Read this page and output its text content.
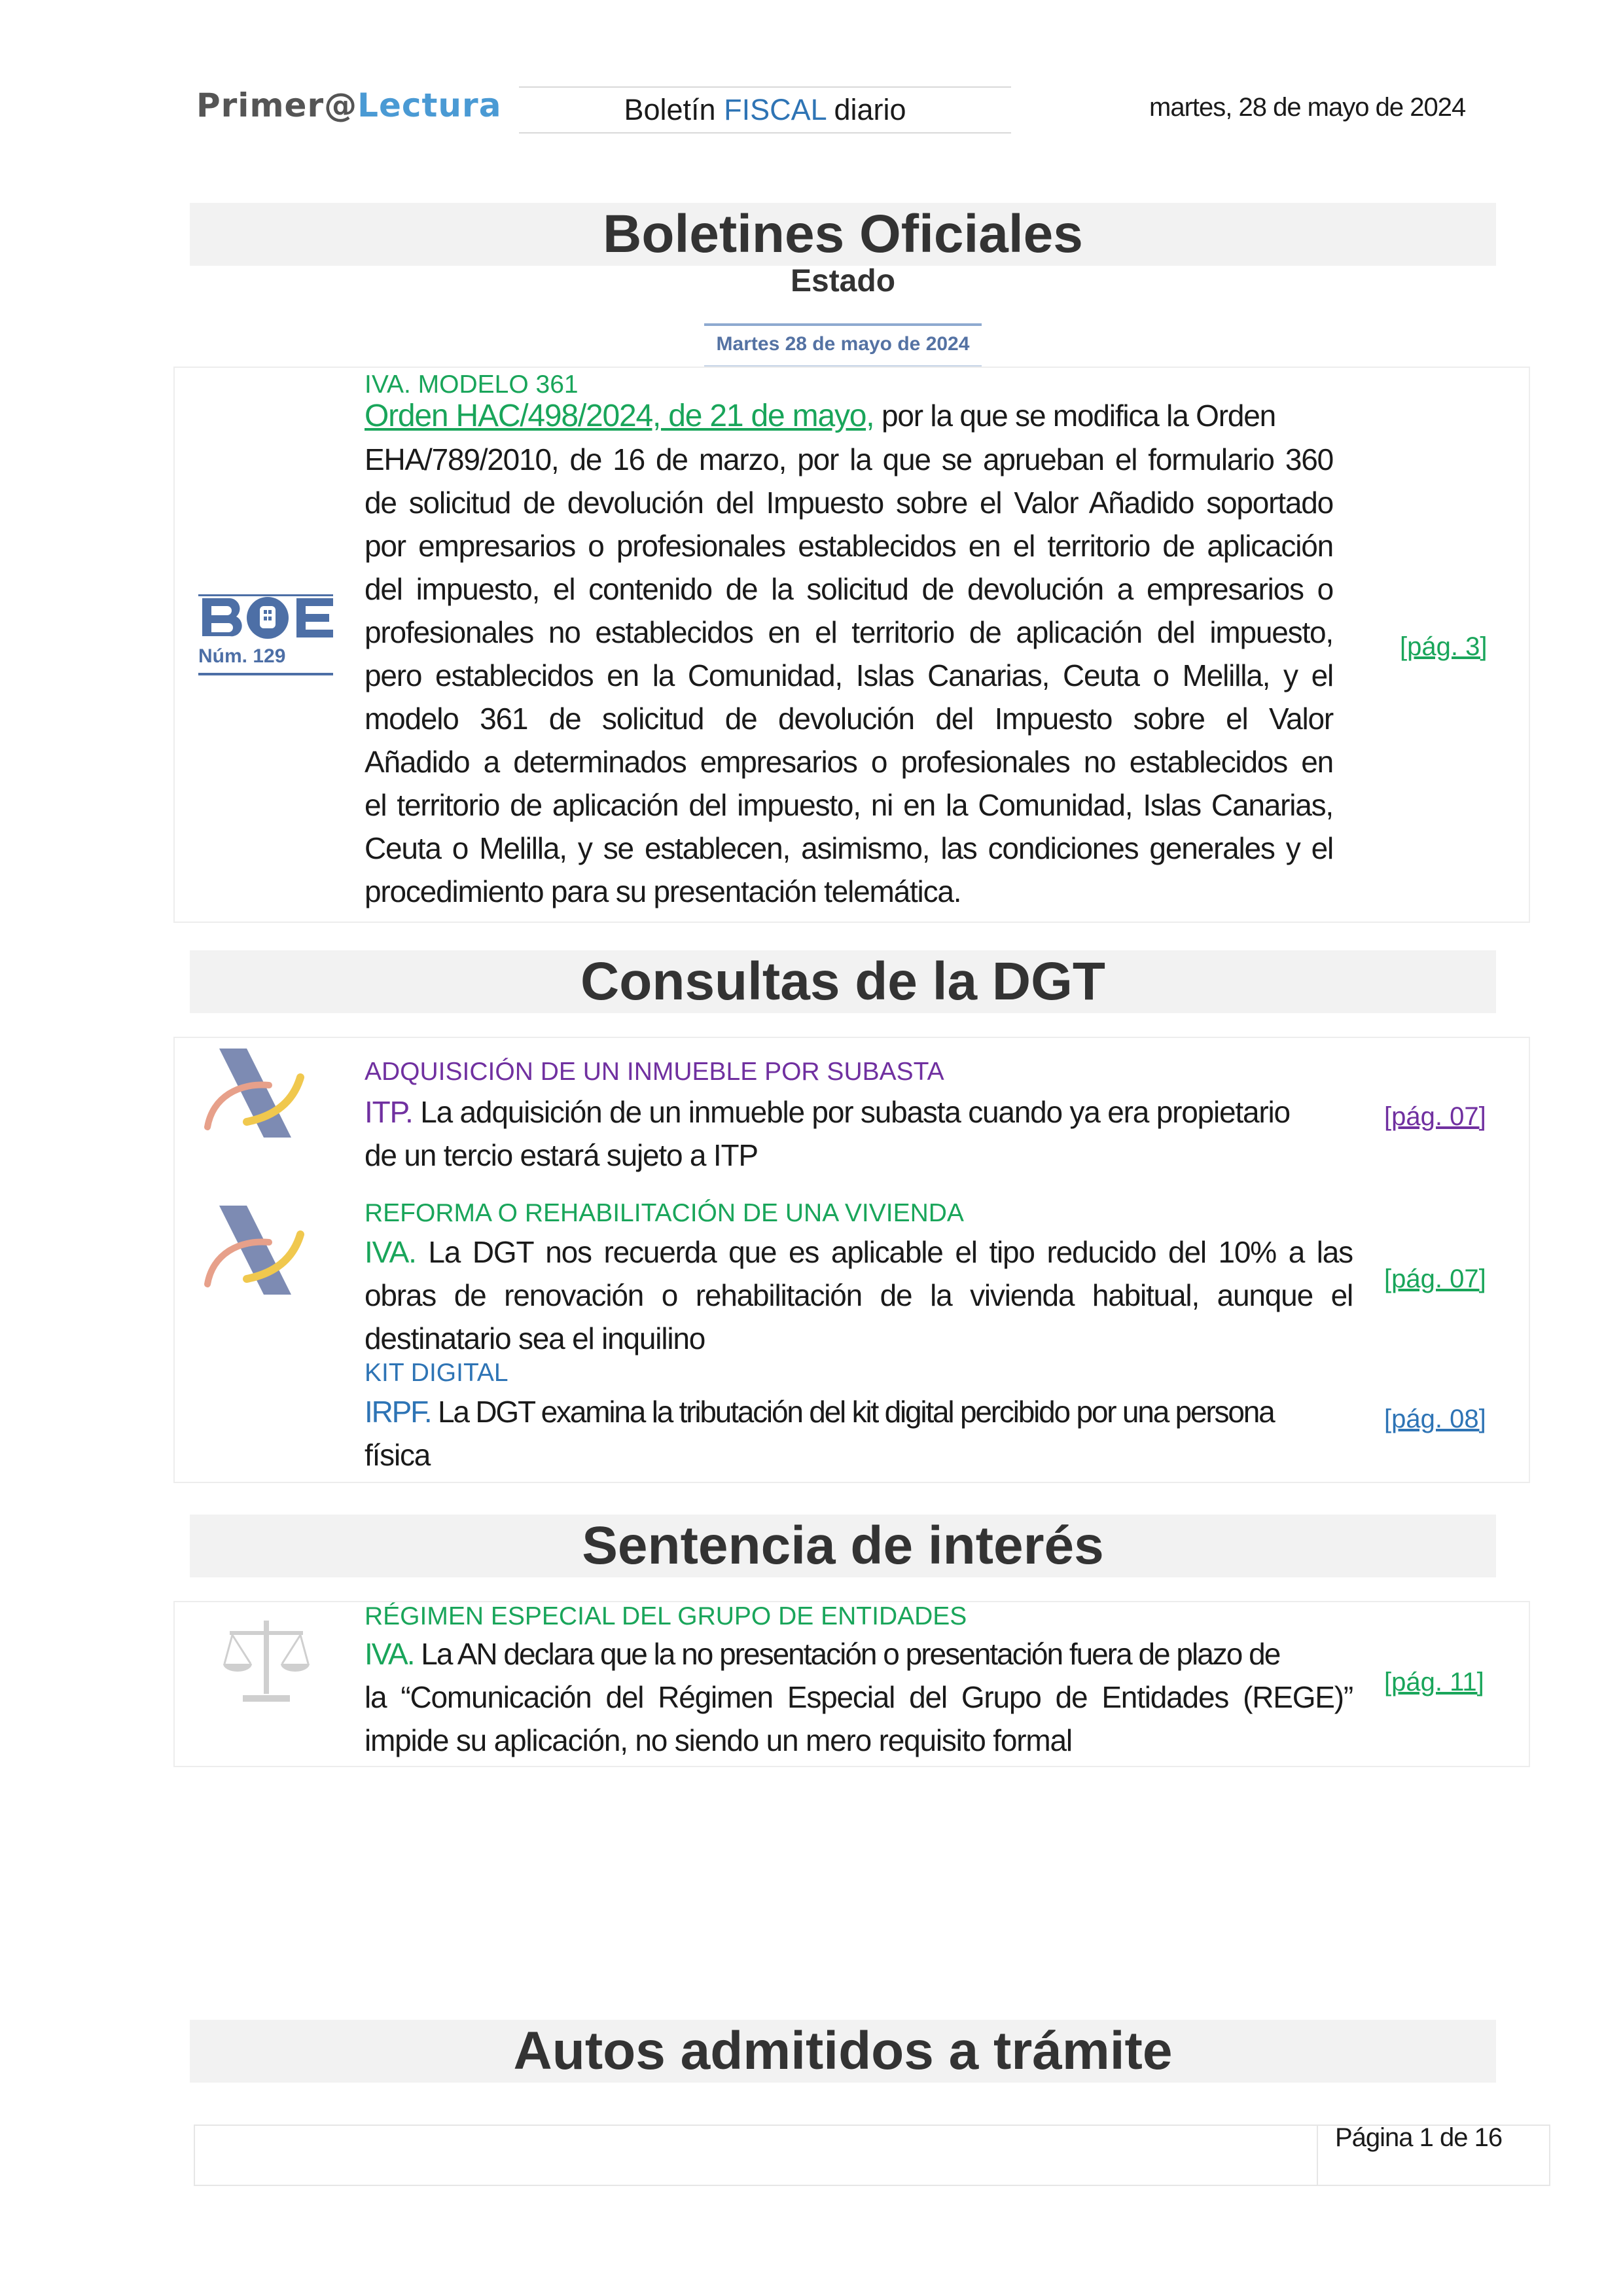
Primer@Lectura	Boletín FISCAL diario	martes, 28 de mayo de 2024
Boletines Oficiales
Estado
Martes 28 de mayo de 2024
Núm. 129
IVA. MODELO 361
Orden HAC/498/2024, de 21 de mayo, por la que se modifica la Orden
EHA/789/2010, de 16 de marzo, por la que se aprueban el formulario 360
de solicitud de devolución del Impuesto sobre el Valor Añadido soportado
por empresarios o profesionales establecidos en el territorio de aplicación
del impuesto, el contenido de la solicitud de devolución a empresarios o
profesionales no establecidos en el territorio de aplicación del impuesto,
pero establecidos en la Comunidad, Islas Canarias, Ceuta o Melilla, y el
modelo 361 de solicitud de devolución del Impuesto sobre el Valor
Añadido a determinados empresarios o profesionales no establecidos en
el territorio de aplicación del impuesto, ni en la Comunidad, Islas Canarias,
Ceuta o Melilla, y se establecen, asimismo, las condiciones generales y el
procedimiento para su presentación telemática.
[pág. 3]
Consultas de la DGT
ADQUISICIÓN DE UN INMUEBLE POR SUBASTA
ITP. La adquisición de un inmueble por subasta cuando ya era propietario
de un tercio estará sujeto a ITP
[pág. 07]
REFORMA O REHABILITACIÓN DE UNA VIVIENDA
IVA. La DGT nos recuerda que es aplicable el tipo reducido del 10% a las
obras de renovación o rehabilitación de la vivienda habitual, aunque el
destinatario sea el inquilino
[pág. 07]
KIT DIGITAL
IRPF. La DGT examina la tributación del kit digital percibido por una persona
física
[pág. 08]
Sentencia de interés
RÉGIMEN ESPECIAL DEL GRUPO DE ENTIDADES
IVA. La AN declara que la no presentación o presentación fuera de plazo de
la “Comunicación del Régimen Especial del Grupo de Entidades (REGE)”
impide su aplicación, no siendo un mero requisito formal
[pág. 11]
Autos admitidos a trámite
Página 1 de 16
